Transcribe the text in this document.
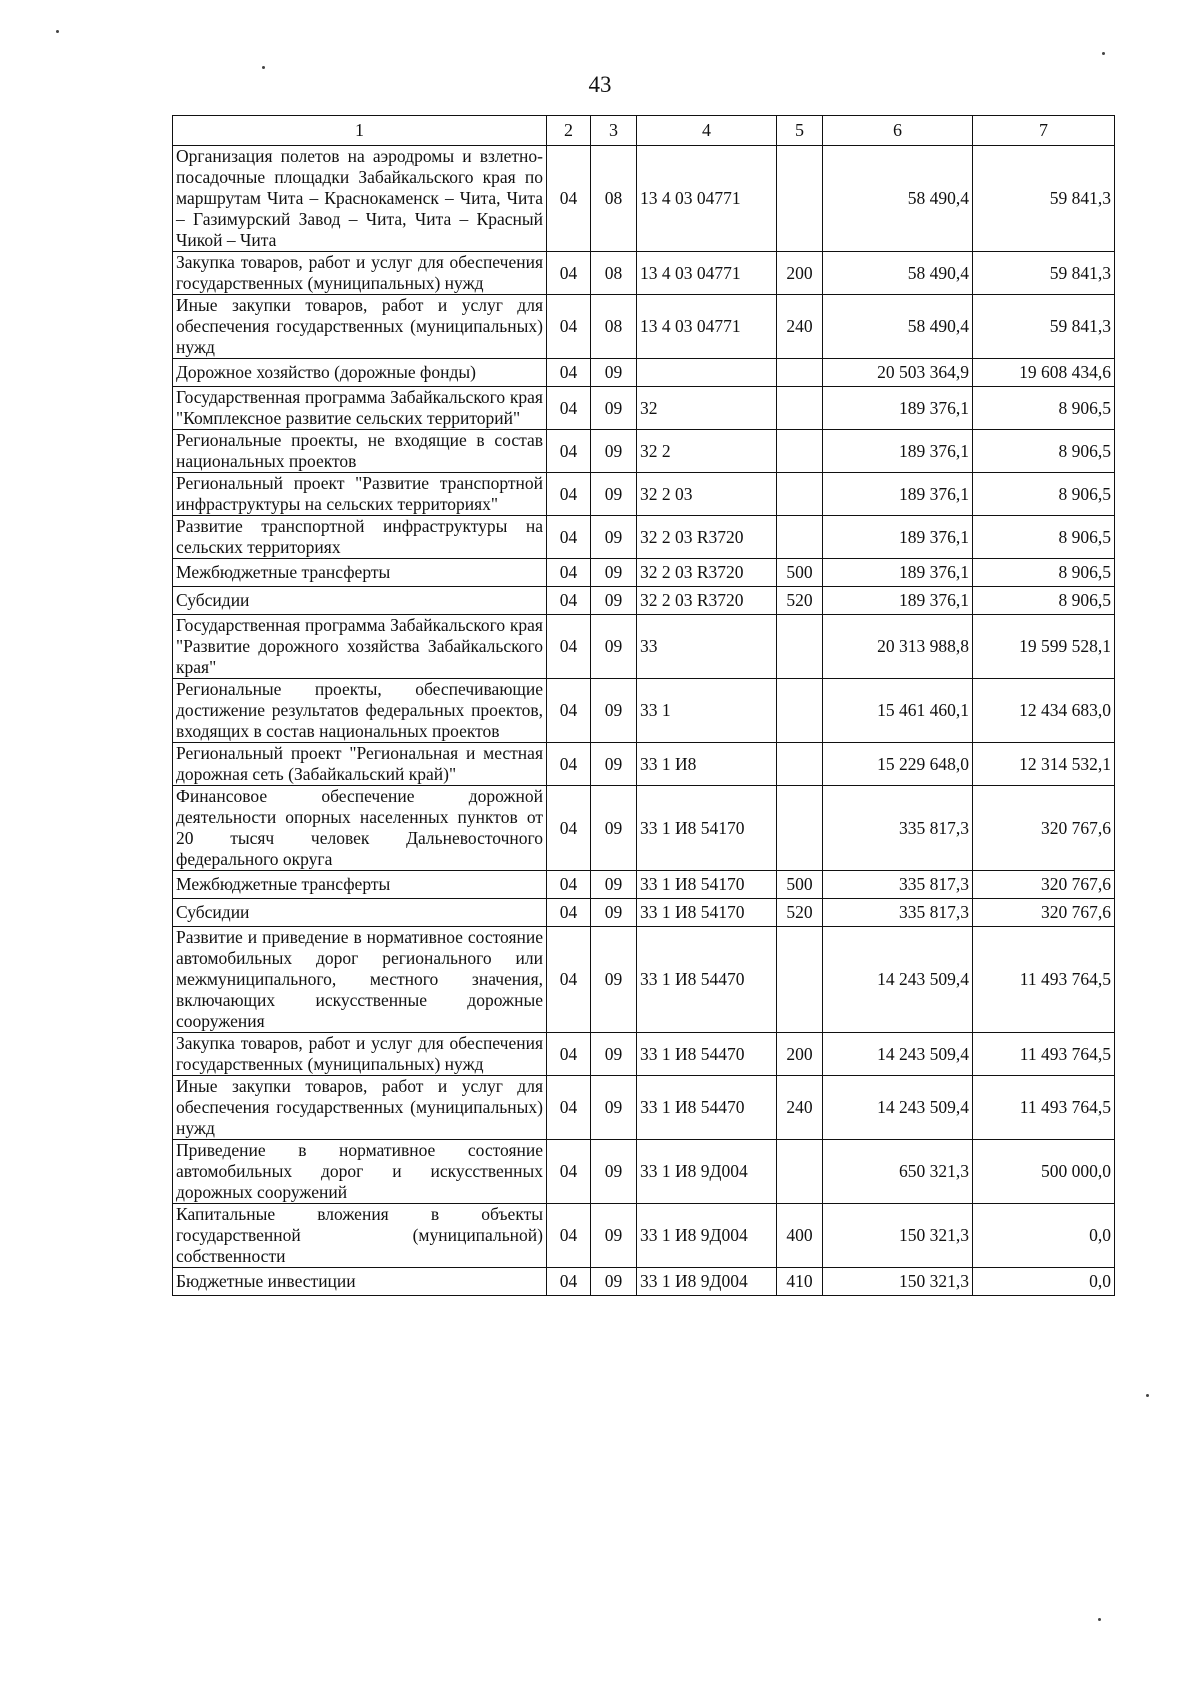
43
1	2	3	4	5	6	7
Организация полетов на аэродромы и взлетно-посадочные площадки Забайкальского края по маршрутам Чита – Краснокаменск – Чита, Чита – Газимурский Завод – Чита, Чита – Красный Чикой – Чита	04	08	13 4 03 04771		58 490,4	59 841,3
Закупка товаров, работ и услуг для обеспечения государственных (муниципальных) нужд	04	08	13 4 03 04771	200	58 490,4	59 841,3
Иные закупки товаров, работ и услуг для обеспечения государственных (муниципальных) нужд	04	08	13 4 03 04771	240	58 490,4	59 841,3
Дорожное хозяйство (дорожные фонды)	04	09			20 503 364,9	19 608 434,6
Государственная программа Забайкальского края "Комплексное развитие сельских территорий"	04	09	32		189 376,1	8 906,5
Региональные проекты, не входящие в состав национальных проектов	04	09	32 2		189 376,1	8 906,5
Региональный проект "Развитие транспортной инфраструктуры на сельских территориях"	04	09	32 2 03		189 376,1	8 906,5
Развитие транспортной инфраструктуры на сельских территориях	04	09	32 2 03 R3720		189 376,1	8 906,5
Межбюджетные трансферты	04	09	32 2 03 R3720	500	189 376,1	8 906,5
Субсидии	04	09	32 2 03 R3720	520	189 376,1	8 906,5
Государственная программа Забайкальского края "Развитие дорожного хозяйства Забайкальского края"	04	09	33		20 313 988,8	19 599 528,1
Региональные проекты, обеспечивающие достижение результатов федеральных проектов, входящих в состав национальных проектов	04	09	33 1		15 461 460,1	12 434 683,0
Региональный проект "Региональная и местная дорожная сеть (Забайкальский край)"	04	09	33 1 И8		15 229 648,0	12 314 532,1
Финансовое обеспечение дорожной деятельности опорных населенных пунктов от 20 тысяч человек Дальневосточного федерального округа	04	09	33 1 И8 54170		335 817,3	320 767,6
Межбюджетные трансферты	04	09	33 1 И8 54170	500	335 817,3	320 767,6
Субсидии	04	09	33 1 И8 54170	520	335 817,3	320 767,6
Развитие и приведение в нормативное состояние автомобильных дорог регионального или межмуниципального, местного значения, включающих искусственные дорожные сооружения	04	09	33 1 И8 54470		14 243 509,4	11 493 764,5
Закупка товаров, работ и услуг для обеспечения государственных (муниципальных) нужд	04	09	33 1 И8 54470	200	14 243 509,4	11 493 764,5
Иные закупки товаров, работ и услуг для обеспечения государственных (муниципальных) нужд	04	09	33 1 И8 54470	240	14 243 509,4	11 493 764,5
Приведение в нормативное состояние автомобильных дорог и искусственных дорожных сооружений	04	09	33 1 И8 9Д004		650 321,3	500 000,0
Капитальные вложения в объекты государственной (муниципальной) собственности	04	09	33 1 И8 9Д004	400	150 321,3	0,0
Бюджетные инвестиции	04	09	33 1 И8 9Д004	410	150 321,3	0,0
